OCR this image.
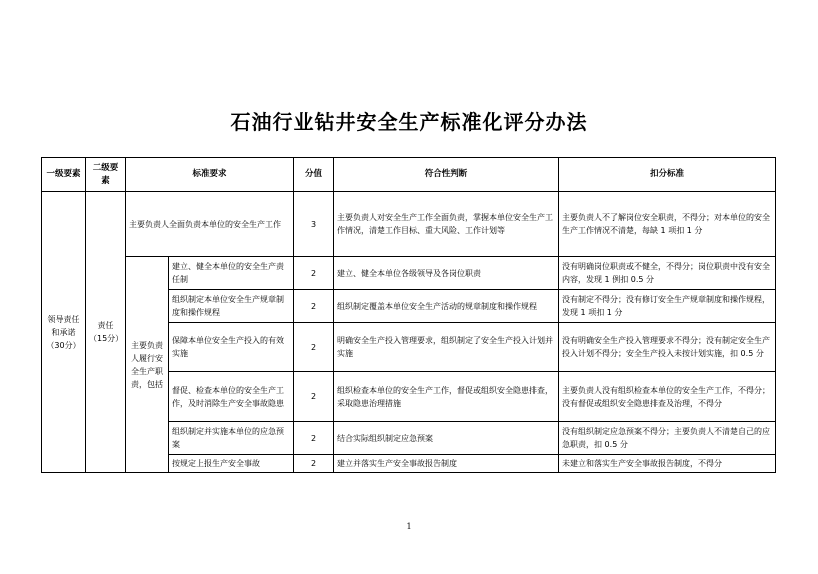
石油行业钻井安全生产标准化评分办法
一级要素	二级要素	标准要求		分值	符合性判断	扣分标准
领导责任和承诺（30分）	责任（15分）	主要负责人全面负责本单位的安全生产工作		3	主要负责人对安全生产工作全面负责，掌握本单位安全生产工作情况，清楚工作目标、重大风险、工作计划等	主要负责人不了解岗位安全职责，不得分；对本单位的安全生产工作情况不清楚，每缺 1 项扣 1 分
		主要负责人履行安全生产职责，包括	建立、健全本单位的安全生产责任制	2	建立、健全本单位各级领导及各岗位职责	没有明确岗位职责或不健全，不得分；岗位职责中没有安全内容，发现 1 例扣 0.5 分
			组织制定本单位安全生产规章制度和操作规程	2	组织制定覆盖本单位安全生产活动的规章制度和操作规程	没有制定不得分；没有修订安全生产规章制度和操作规程，发现 1 项扣 1 分
			保障本单位安全生产投入的有效实施	2	明确安全生产投入管理要求，组织制定了安全生产投入计划并实施	没有明确安全生产投入管理要求不得分；没有制定安全生产投入计划不得分；安全生产投入未按计划实施，扣 0.5 分
			督促、检查本单位的安全生产工作，及时消除生产安全事故隐患	2	组织检查本单位的安全生产工作，督促或组织安全隐患排查，采取隐患治理措施	主要负责人没有组织检查本单位的安全生产工作，不得分；没有督促或组织安全隐患排查及治理，不得分
			组织制定并实施本单位的应急预案	2	结合实际组织制定应急预案	没有组织制定应急预案不得分；主要负责人不清楚自己的应急职责，扣 0.5 分
			按规定上报生产安全事故	2	建立并落实生产安全事故报告制度	未建立和落实生产安全事故报告制度，不得分
1
